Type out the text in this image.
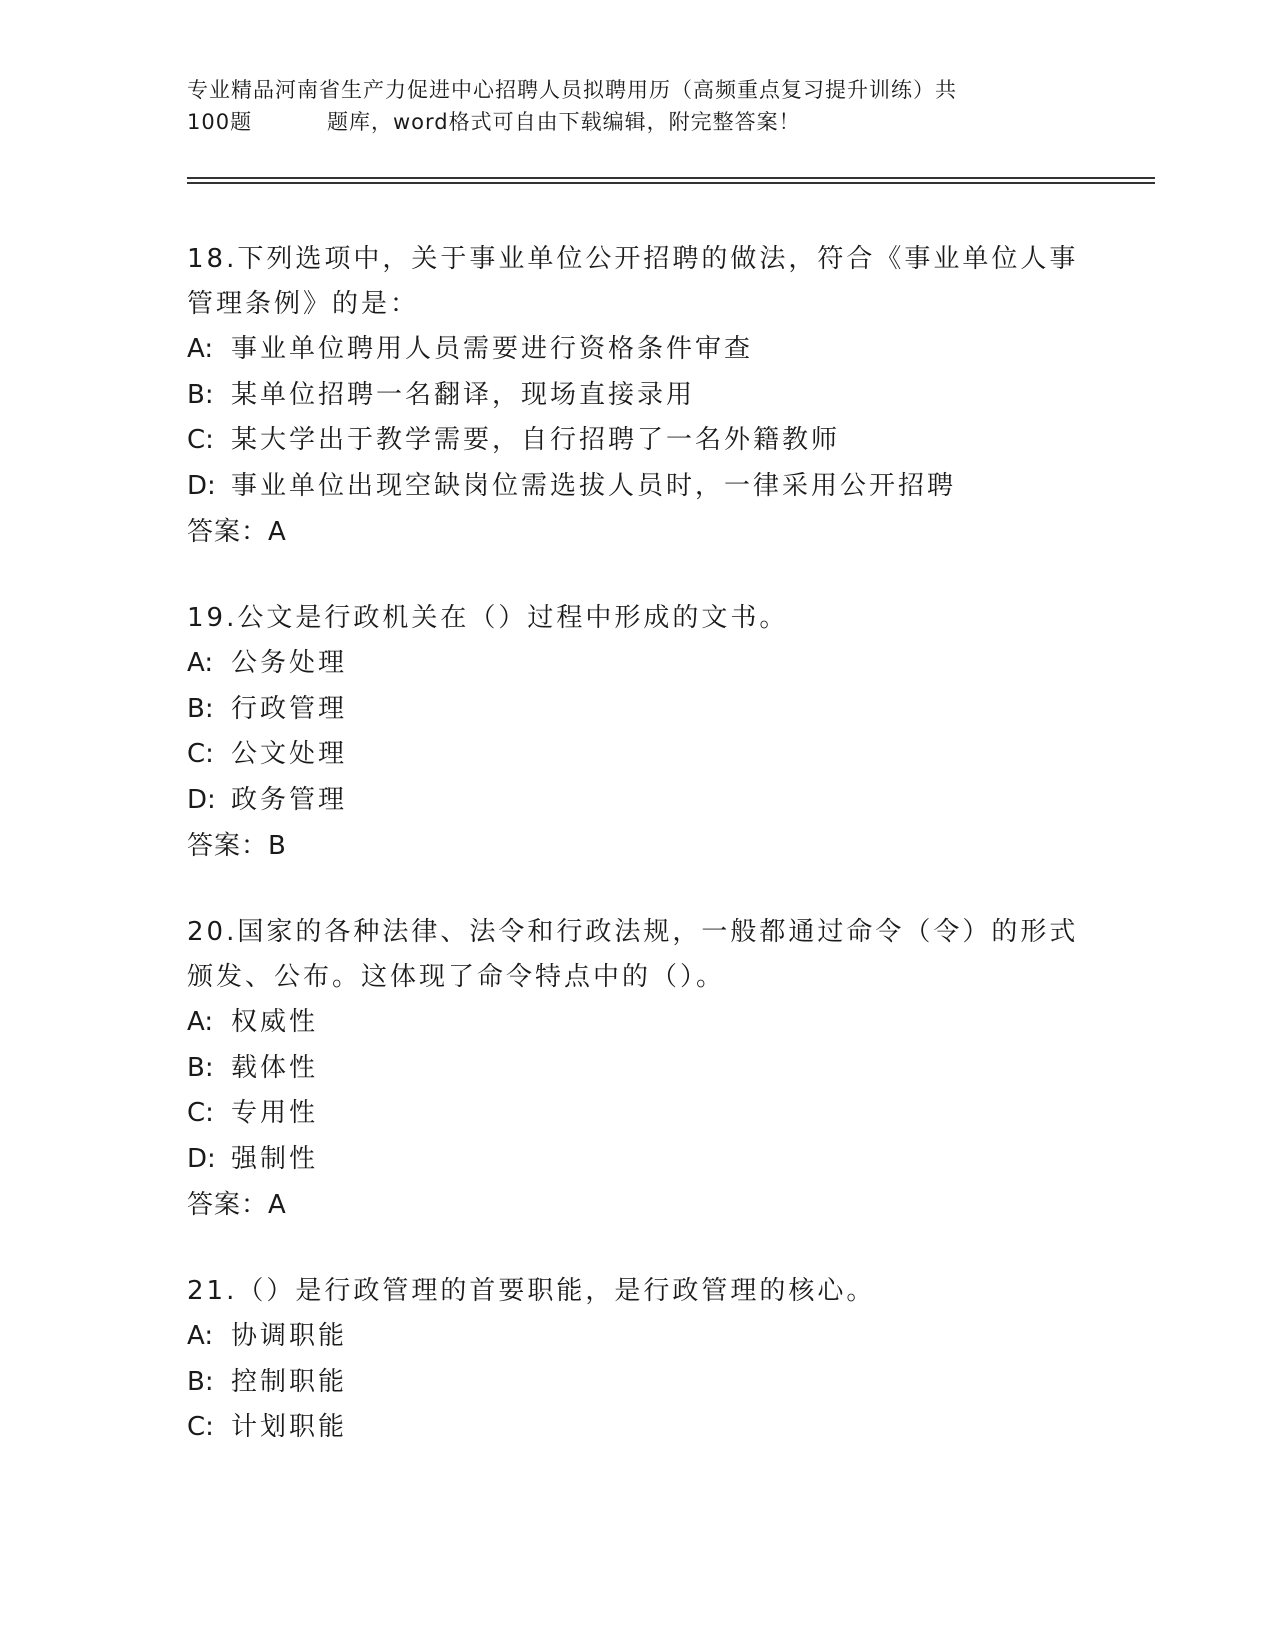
专业精品河南省生产力促进中心招聘人员拟聘用历（高频重点复习提升训练）共
100题	题库，word格式可自由下载编辑，附完整答案！
18.下列选项中，关于事业单位公开招聘的做法，符合《事业单位人事管理条例》的是：
A: 事业单位聘用人员需要进行资格条件审查
B: 某单位招聘一名翻译，现场直接录用
C: 某大学出于教学需要，自行招聘了一名外籍教师
D: 事业单位出现空缺岗位需选拔人员时，一律采用公开招聘
答案：A
19.公文是行政机关在（）过程中形成的文书。
A: 公务处理
B: 行政管理
C: 公文处理
D: 政务管理
答案：B
20.国家的各种法律、法令和行政法规，一般都通过命令（令）的形式颁发、公布。这体现了命令特点中的（）。
A: 权威性
B: 载体性
C: 专用性
D: 强制性
答案：A
21.（）是行政管理的首要职能，是行政管理的核心。
A: 协调职能
B: 控制职能
C: 计划职能
